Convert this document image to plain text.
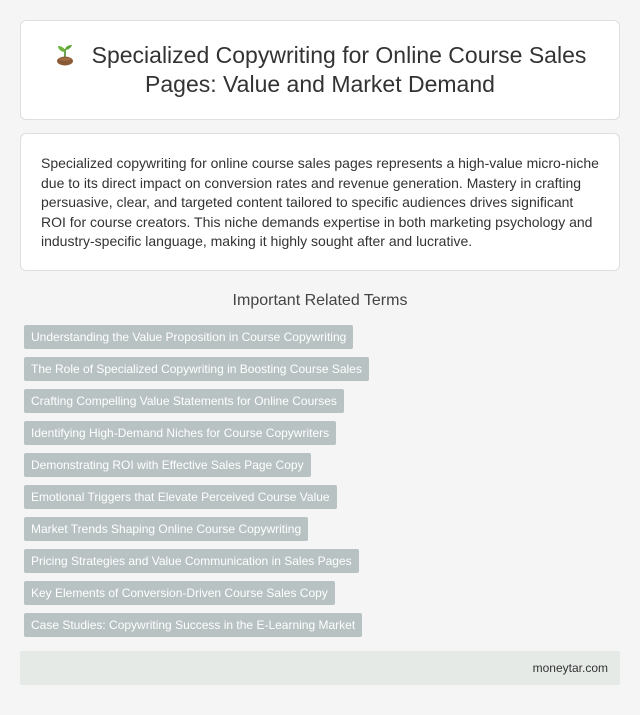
Specialized Copywriting for Online Course Sales Pages: Value and Market Demand

Specialized copywriting for online course sales pages represents a high-value micro-niche due to its direct impact on conversion rates and revenue generation. Mastery in crafting persuasive, clear, and targeted content tailored to specific audiences drives significant ROI for course creators. This niche demands expertise in both marketing psychology and industry-specific language, making it highly sought after and lucrative.

Important Related Terms
Understanding the Value Proposition in Course Copywriting
The Role of Specialized Copywriting in Boosting Course Sales
Crafting Compelling Value Statements for Online Courses
Identifying High-Demand Niches for Course Copywriters
Demonstrating ROI with Effective Sales Page Copy
Emotional Triggers that Elevate Perceived Course Value
Market Trends Shaping Online Course Copywriting
Pricing Strategies and Value Communication in Sales Pages
Key Elements of Conversion-Driven Course Sales Copy
Case Studies: Copywriting Success in the E-Learning Market
moneytar.com
